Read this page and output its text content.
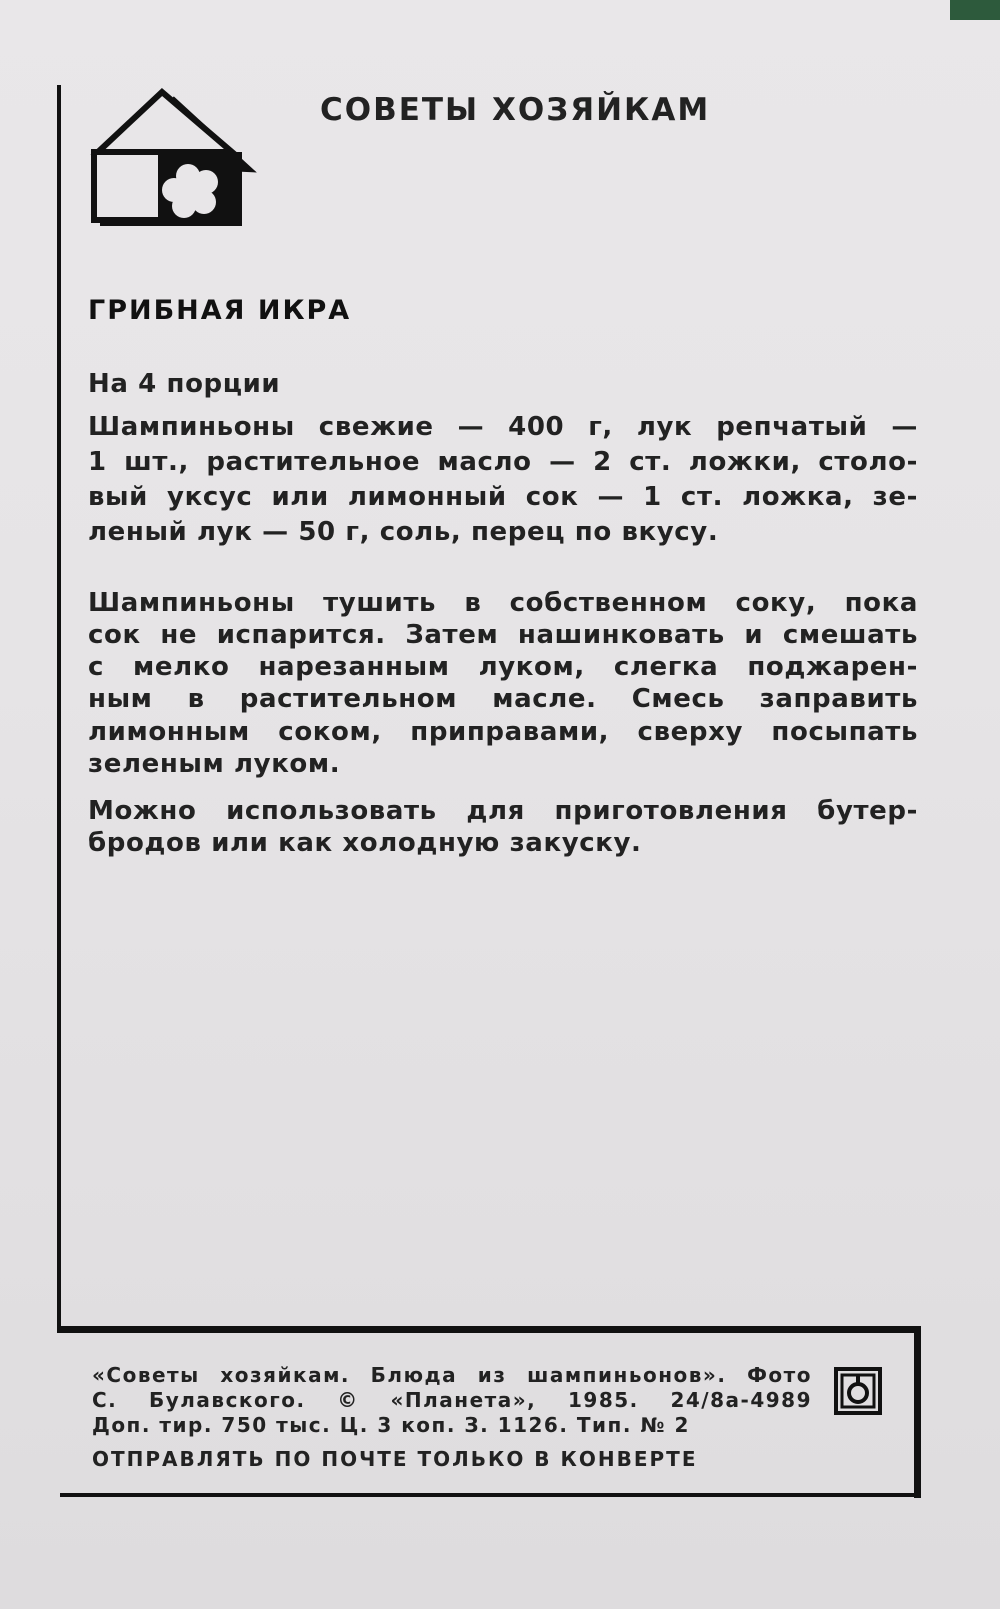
СОВЕТЫ ХОЗЯЙКАМ
ГРИБНАЯ ИКРА
На 4 порции
Шампиньоны свежие — 400 г, лук репчатый —
1 шт., растительное масло — 2 ст. ложки, столо-
вый уксус или лимонный сок — 1 ст. ложка, зе-
леный лук — 50 г, соль, перец по вкусу.
Шампиньоны тушить в собственном соку, пока
сок не испарится. Затем нашинковать и смешать
с мелко нарезанным луком, слегка поджарен-
ным в растительном масле. Смесь заправить
лимонным соком, приправами, сверху посыпать
зеленым луком.
Можно использовать для приготовления бутер-
бродов или как холодную закуску.
«Советы хозяйкам. Блюда из шампиньонов». Фото
С. Булавского. © «Планета», 1985. 24/8а-4989
Доп. тир. 750 тыс. Ц. 3 коп. З. 1126. Тип. № 2
ОТПРАВЛЯТЬ ПО ПОЧТЕ ТОЛЬКО В КОНВЕРТЕ
